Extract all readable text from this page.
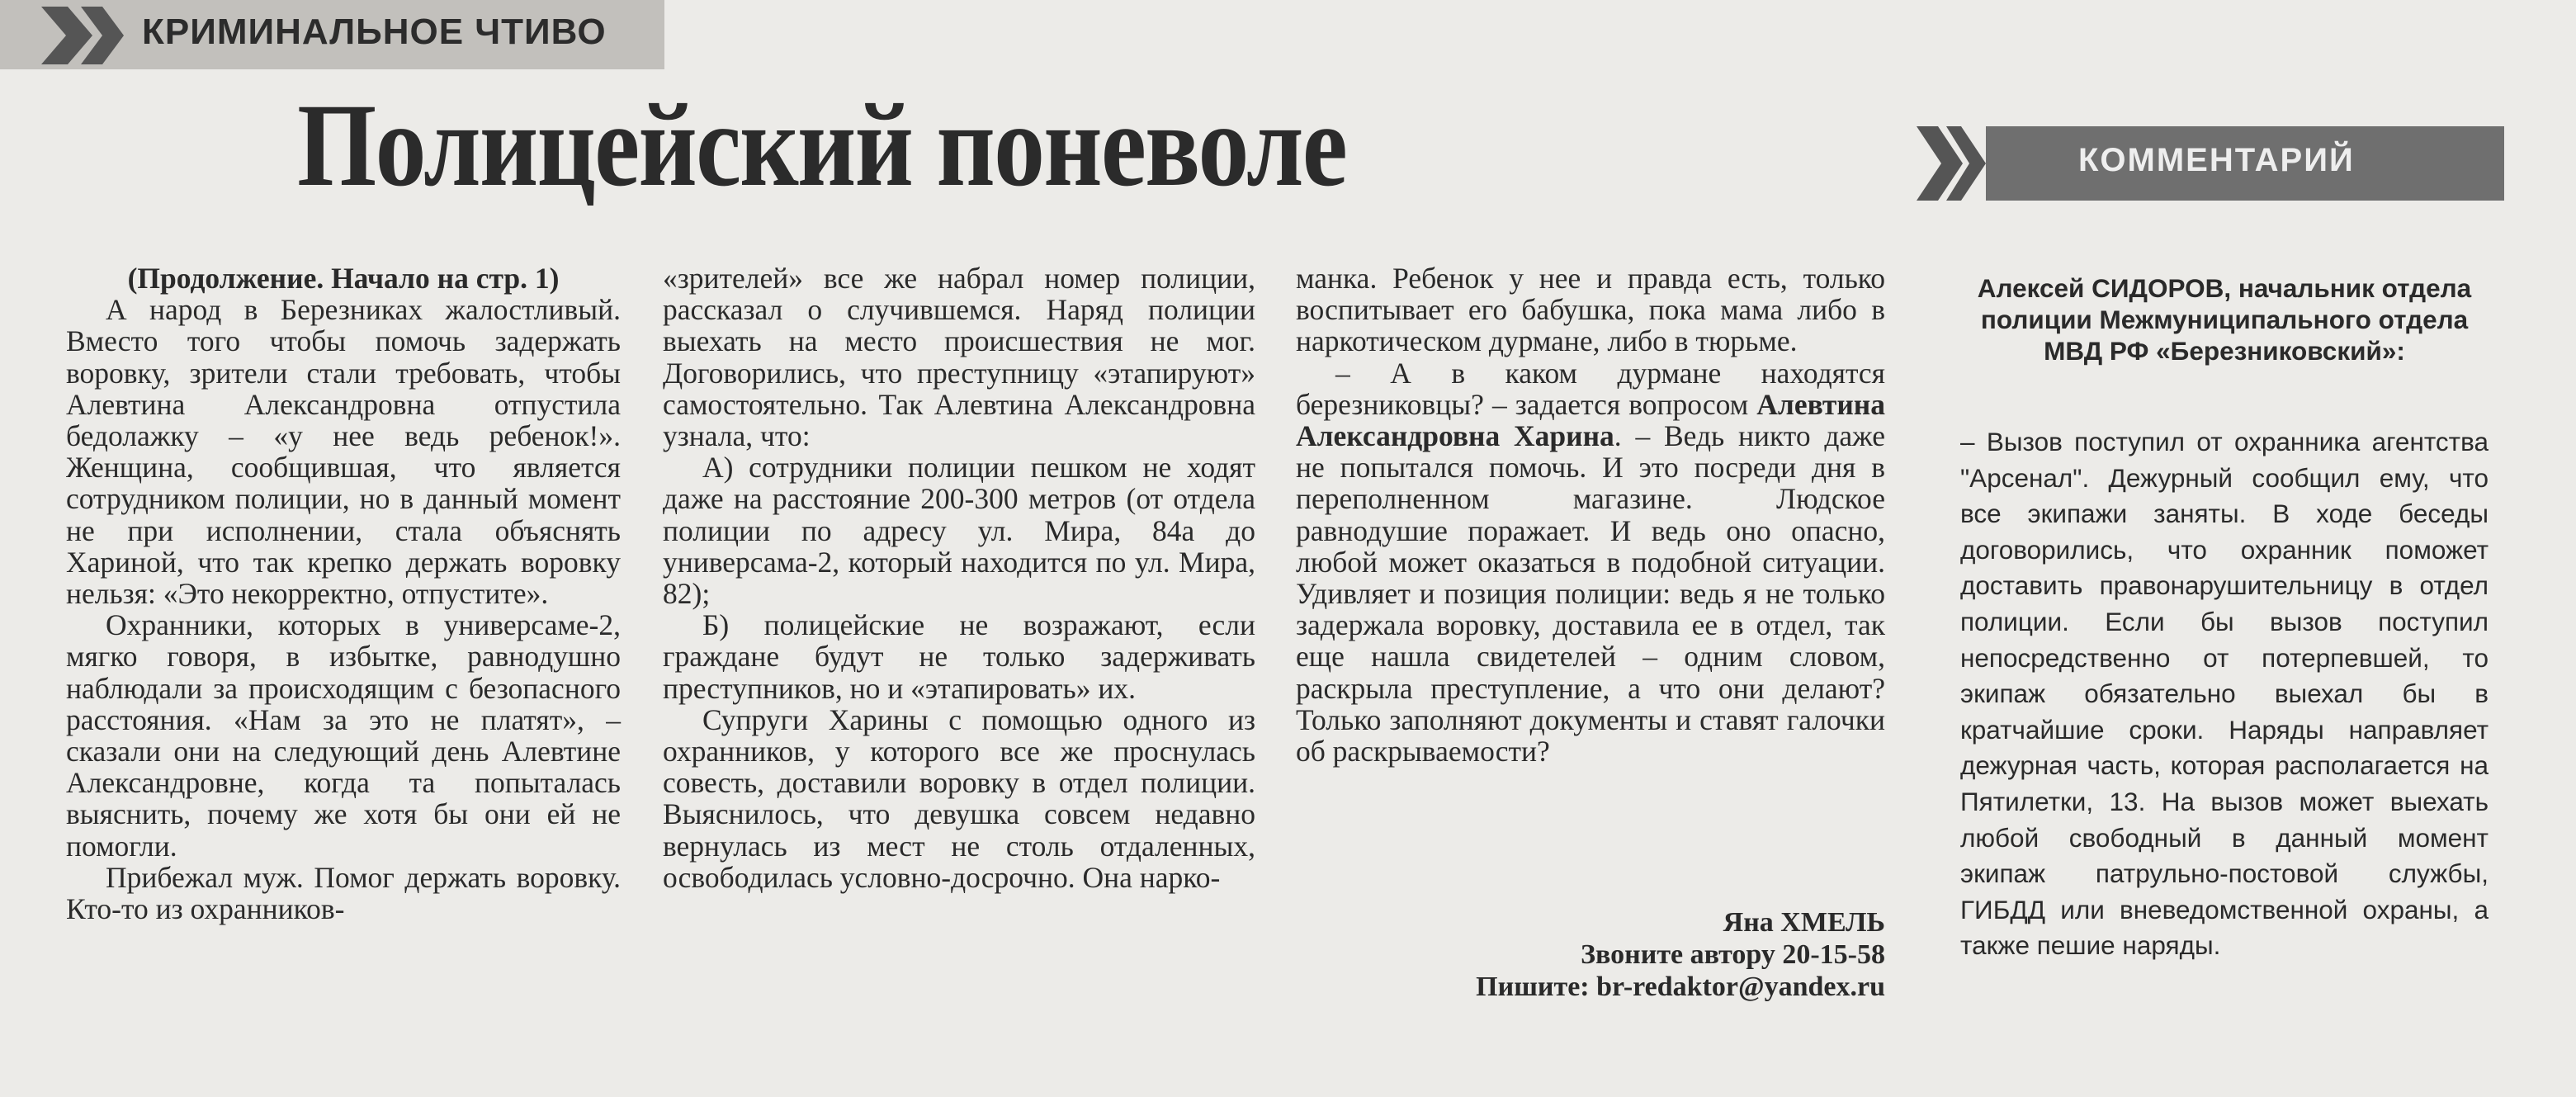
КРИМИНАЛЬНОЕ ЧТИВО
Полицейский поневоле	КОММЕНТАРИЙ

(Продолжение. Начало на стр. 1)

А народ в Березниках жалостливый. Вместо того чтобы помочь задержать воровку, зрители стали требовать, чтобы Алевтина Александровна отпустила бедолажку – «у нее ведь ребенок!». Женщина, сообщившая, что является сотрудником полиции, но в данный момент не при исполнении, стала объяснять Хариной, что так крепко держать воровку нельзя: «Это некорректно, отпустите».

Охранники, которых в универсаме-2, мягко говоря, в избытке, равнодушно наблюдали за происходящим с безопасного расстояния. «Нам за это не платят», – сказали они на следующий день Алевтине Александровне, когда та попыталась выяснить, почему же хотя бы они ей не помогли.

Прибежал муж. Помог держать воровку. Кто-то из охранников-

«зрителей» все же набрал номер полиции, рассказал о случившемся. Наряд полиции выехать на место происшествия не мог. Договорились, что преступницу «этапируют» самостоятельно. Так Алевтина Александровна узнала, что:

А) сотрудники полиции пешком не ходят даже на расстояние 200-300 метров (от отдела полиции по адресу ул. Мира, 84а до универсама-2, который находится по ул. Мира, 82);

Б) полицейские не возражают, если граждане будут не только задерживать преступников, но и «этапировать» их.

Супруги Харины с помощью одного из охранников, у которого все же проснулась совесть, доставили воровку в отдел полиции. Выяснилось, что девушка совсем недавно вернулась из мест не столь отдаленных, освободилась условно-досрочно. Она нарко-

манка. Ребенок у нее и правда есть, только воспитывает его бабушка, пока мама либо в наркотическом дурмане, либо в тюрьме.

– А в каком дурмане находятся березниковцы? – задается вопросом Алевтина Александровна Харина. – Ведь никто даже не попытался помочь. И это посреди дня в переполненном магазине. Людское равнодушие поражает. И ведь оно опасно, любой может оказаться в подобной ситуации. Удивляет и позиция полиции: ведь я не только задержала воровку, доставила ее в отдел, так еще нашла свидетелей – одним словом, раскрыла преступление, а что они делают? Только заполняют документы и ставят галочки об раскрываемости?

Яна ХМЕЛЬ
Звоните автору 20-15-58
Пишите: br-redaktor@yandex.ru

Алексей СИДОРОВ, начальник отдела полиции Межмуниципального отдела МВД РФ «Березниковский»:

– Вызов поступил от охранника агентства "Арсенал". Дежурный сообщил ему, что все экипажи заняты. В ходе беседы договорились, что охранник поможет доставить правонарушительницу в отдел полиции. Если бы вызов поступил непосредственно от потерпевшей, то экипаж обязательно выехал бы в кратчайшие сроки. Наряды направляет дежурная часть, которая располагается на Пятилетки, 13. На вызов может выехать любой свободный в данный момент экипаж патрульно-постовой службы, ГИБДД или вневедомственной охраны, а также пешие наряды.
